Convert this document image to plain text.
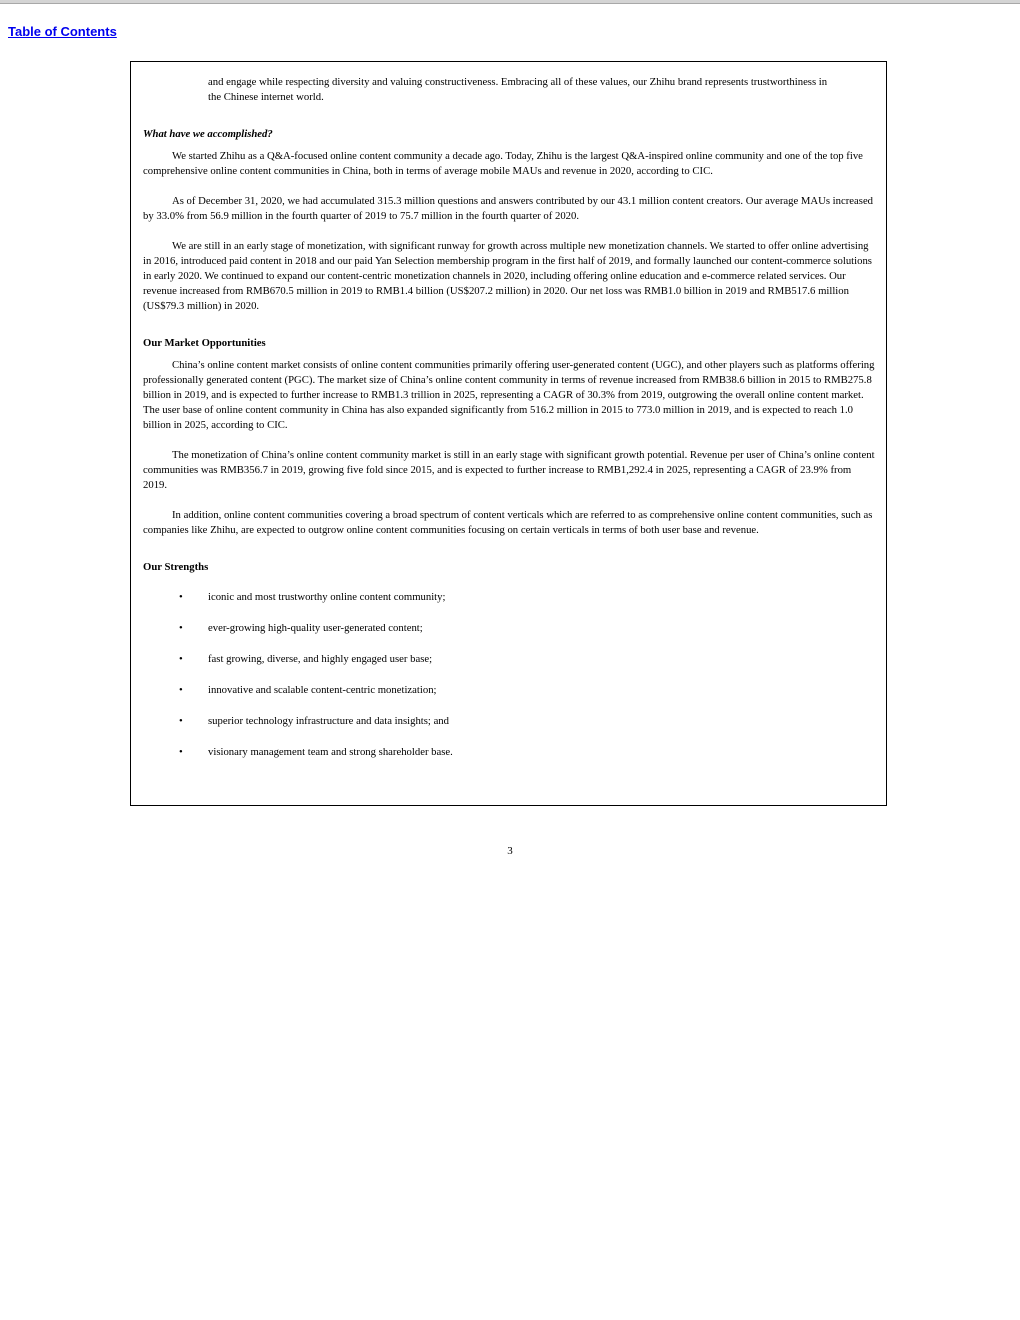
Table of Contents

and engage while respecting diversity and valuing constructiveness. Embracing all of these values, our Zhihu brand represents trustworthiness in the Chinese internet world.

What have we accomplished?

We started Zhihu as a Q&A-focused online content community a decade ago. Today, Zhihu is the largest Q&A-inspired online community and one of the top five comprehensive online content communities in China, both in terms of average mobile MAUs and revenue in 2020, according to CIC.

As of December 31, 2020, we had accumulated 315.3 million questions and answers contributed by our 43.1 million content creators. Our average MAUs increased by 33.0% from 56.9 million in the fourth quarter of 2019 to 75.7 million in the fourth quarter of 2020.

We are still in an early stage of monetization, with significant runway for growth across multiple new monetization channels. We started to offer online advertising in 2016, introduced paid content in 2018 and our paid Yan Selection membership program in the first half of 2019, and formally launched our content-commerce solutions in early 2020. We continued to expand our content-centric monetization channels in 2020, including offering online education and e-commerce related services. Our revenue increased from RMB670.5 million in 2019 to RMB1.4 billion (US$207.2 million) in 2020. Our net loss was RMB1.0 billion in 2019 and RMB517.6 million (US$79.3 million) in 2020.

Our Market Opportunities

China’s online content market consists of online content communities primarily offering user-generated content (UGC), and other players such as platforms offering professionally generated content (PGC). The market size of China’s online content community in terms of revenue increased from RMB38.6 billion in 2015 to RMB275.8 billion in 2019, and is expected to further increase to RMB1.3 trillion in 2025, representing a CAGR of 30.3% from 2019, outgrowing the overall online content market. The user base of online content community in China has also expanded significantly from 516.2 million in 2015 to 773.0 million in 2019, and is expected to reach 1.0 billion in 2025, according to CIC.

The monetization of China’s online content community market is still in an early stage with significant growth potential. Revenue per user of China’s online content communities was RMB356.7 in 2019, growing five fold since 2015, and is expected to further increase to RMB1,292.4 in 2025, representing a CAGR of 23.9% from 2019.

In addition, online content communities covering a broad spectrum of content verticals which are referred to as comprehensive online content communities, such as companies like Zhihu, are expected to outgrow online content communities focusing on certain verticals in terms of both user base and revenue.

Our Strengths

• iconic and most trustworthy online content community;
• ever-growing high-quality user-generated content;
• fast growing, diverse, and highly engaged user base;
• innovative and scalable content-centric monetization;
• superior technology infrastructure and data insights; and
• visionary management team and strong shareholder base.
3
